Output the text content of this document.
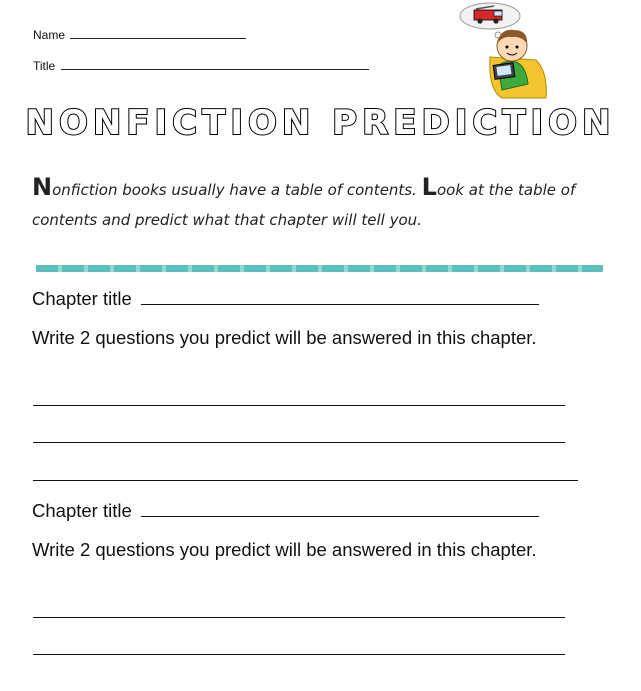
Name
Title
NONFICTION PREDICTION
Nonfiction books usually have a table of contents. Look at the table of contents and predict what that chapter will tell you.
Chapter title
Write 2 questions you predict will be answered in this chapter.
Chapter title
Write 2 questions you predict will be answered in this chapter.
